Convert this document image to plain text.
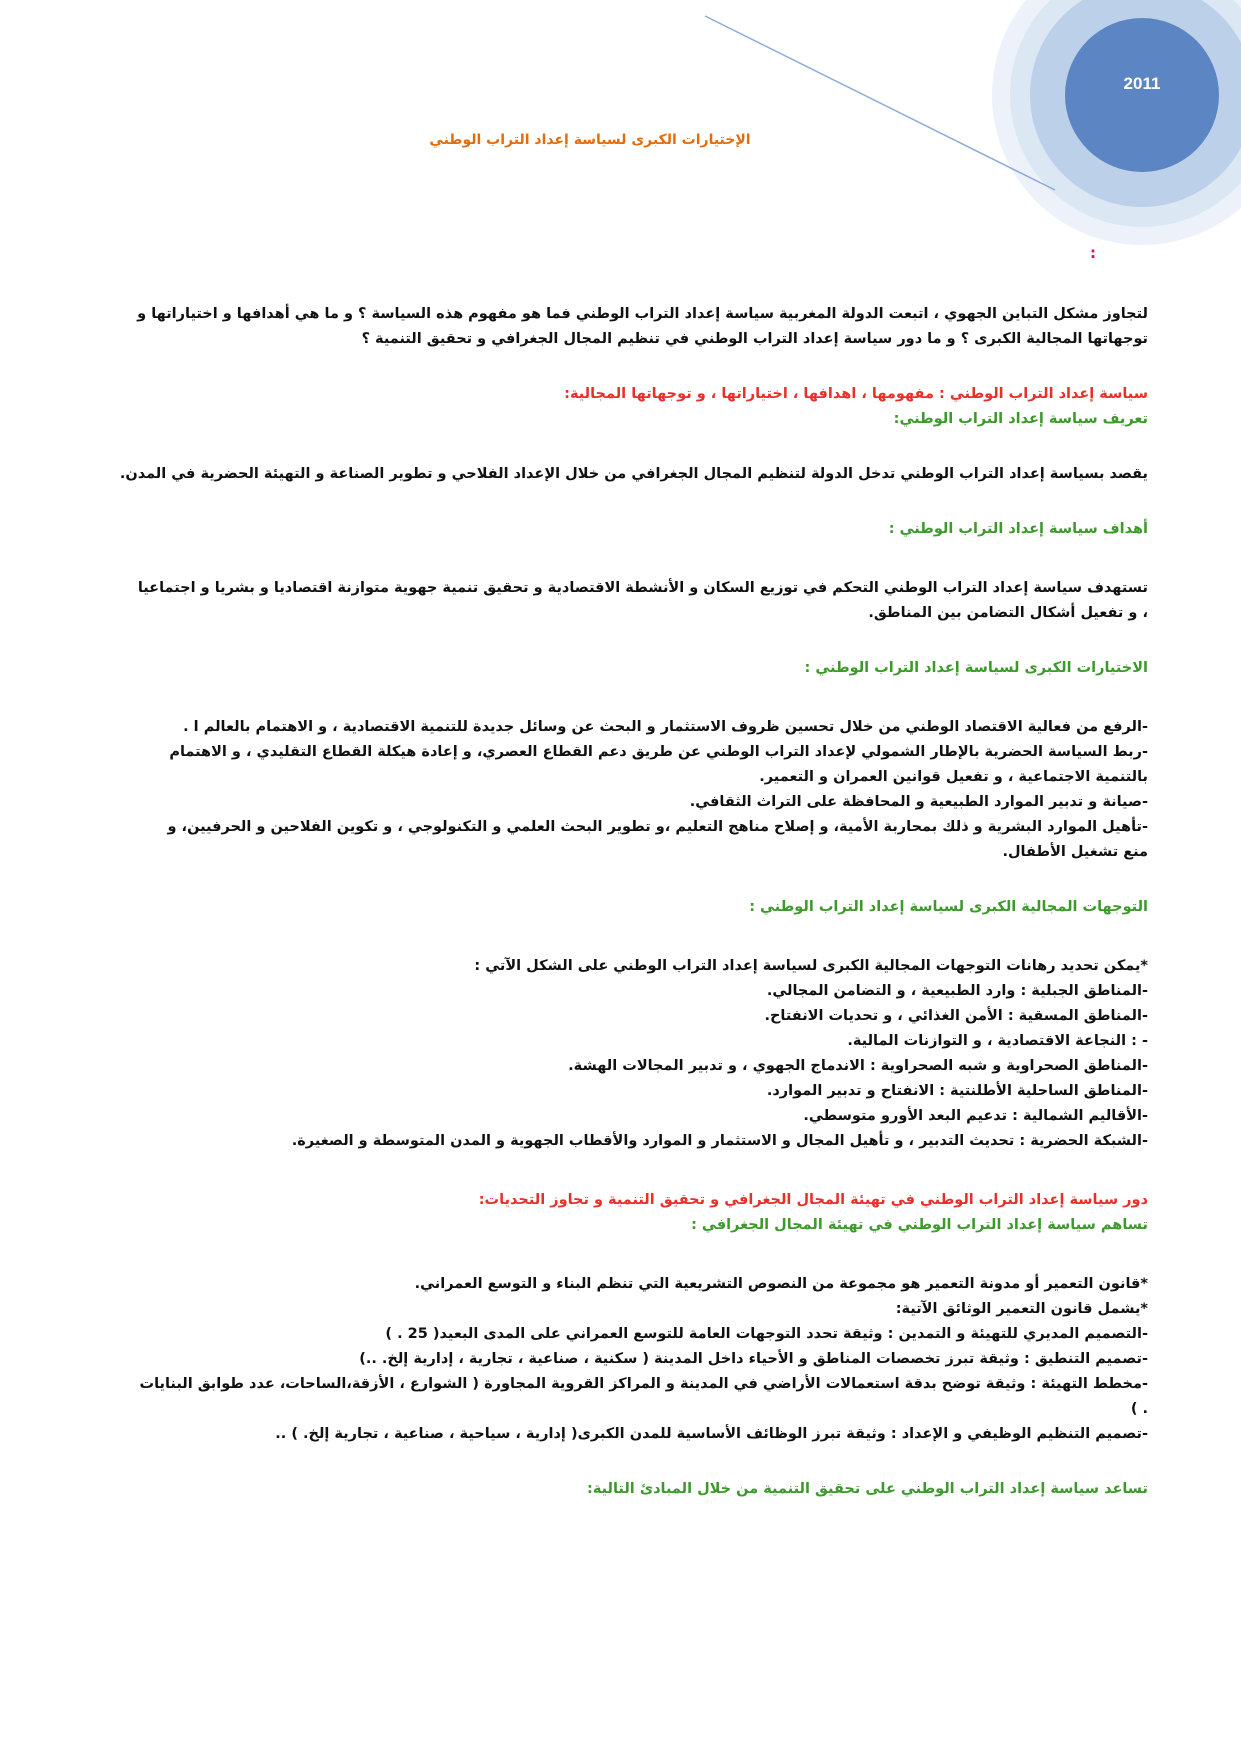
2011
الإختيارات الكبرى لسياسة إعداد التراب الوطني
:

لتجاوز مشكل التباين الجهوي ، اتبعت الدولة المغربية سياسة إعداد التراب الوطني فما هو مفهوم هذه السياسة ؟ و ما هي أهدافها و اختياراتها و

توجهاتها المجالية الكبرى ؟ و ما دور سياسة إعداد التراب الوطني في تنظيم المجال الجغرافي و تحقيق التنمية ؟

سياسة إعداد التراب الوطني : مفهومها ، اهدافها ، اختياراتها ، و توجهاتها المجالية:

تعريف سياسة إعداد التراب الوطني:

يقصد بسياسة إعداد التراب الوطني تدخل الدولة لتنظيم المجال الجغرافي من خلال الإعداد الفلاحي و تطوير الصناعة و التهيئة الحضرية في المدن.

أهداف سياسة إعداد التراب الوطني :

تستهدف سياسة إعداد التراب الوطني التحكم في توزيع السكان و الأنشطة الاقتصادية و تحقيق تنمية جهوية متوازنة اقتصاديا و بشريا و اجتماعيا

، و تفعيل أشكال التضامن بين المناطق.

الاختيارات الكبرى لسياسة إعداد التراب الوطني :

-الرفع من فعالية الاقتصاد الوطني من خلال تحسين ظروف الاستثمار و البحث عن وسائل جديدة للتنمية الاقتصادية ، و الاهتمام بالعالم ا .

-ربط السياسة الحضرية بالإطار الشمولي لإعداد التراب الوطني عن طريق دعم القطاع العصري، و إعادة هيكلة القطاع التقليدي ، و الاهتمام

بالتنمية الاجتماعية ، و تفعيل قوانين العمران و التعمير.

-صيانة و تدبير الموارد الطبيعية و المحافظة على التراث الثقافي.

-تأهيل الموارد البشرية و ذلك بمحاربة الأمية، و إصلاح مناهج التعليم ،و تطوير البحث العلمي و التكنولوجي ، و تكوين الفلاحين و الحرفيين، و

منع تشغيل الأطفال.

التوجهات المجالية الكبرى لسياسة إعداد التراب الوطني :

*يمكن تحديد رهانات التوجهات المجالية الكبرى لسياسة إعداد التراب الوطني على الشكل الآتي :

-المناطق الجبلية : وارد الطبيعية ، و التضامن المجالي.

-المناطق المسقية : الأمن الغذائي ، و تحديات الانفتاح.

- : النجاعة الاقتصادية ، و التوازنات المالية.

-المناطق الصحراوية و شبه الصحراوية : الاندماج الجهوي ، و تدبير المجالات الهشة.

-المناطق الساحلية الأطلنتية : الانفتاح و تدبير الموارد.

-الأقاليم الشمالية : تدعيم البعد الأورو متوسطي.

-الشبكة الحضرية : تحديث التدبير ، و تأهيل المجال و الاستثمار و الموارد والأقطاب الجهوية و المدن المتوسطة و الصغيرة.

دور سياسة إعداد التراب الوطني في تهيئة المجال الجغرافي و تحقيق التنمية و تجاوز التحديات:

تساهم سياسة إعداد التراب الوطني في تهيئة المجال الجغرافي :

*قانون التعمير أو مدونة التعمير هو مجموعة من النصوص التشريعية التي تنظم البناء و التوسع العمراني.

*يشمل قانون التعمير الوثائق الآتية:

-التصميم المديري للتهيئة و التمدين : وثيقة تحدد التوجهات العامة للتوسع العمراني على المدى البعيد( 25 . )

-تصميم التنطيق : وثيقة تبرز تخصصات المناطق و الأحياء داخل المدينة ( سكنية ، صناعية ، تجارية ، إدارية إلخ. ..)

-مخطط التهيئة : وثيقة توضح بدقة استعمالات الأراضي في المدينة و المراكز القروية المجاورة ( الشوارع ، الأزقة،الساحات، عدد طوابق البنايات

. )

-تصميم التنظيم الوظيفي و الإعداد : وثيقة تبرز الوظائف الأساسية للمدن الكبرى( إدارية ، سياحية ، صناعية ، تجارية إلخ. ) ..

تساعد سياسة إعداد التراب الوطني على تحقيق التنمية من خلال المبادئ التالية:
